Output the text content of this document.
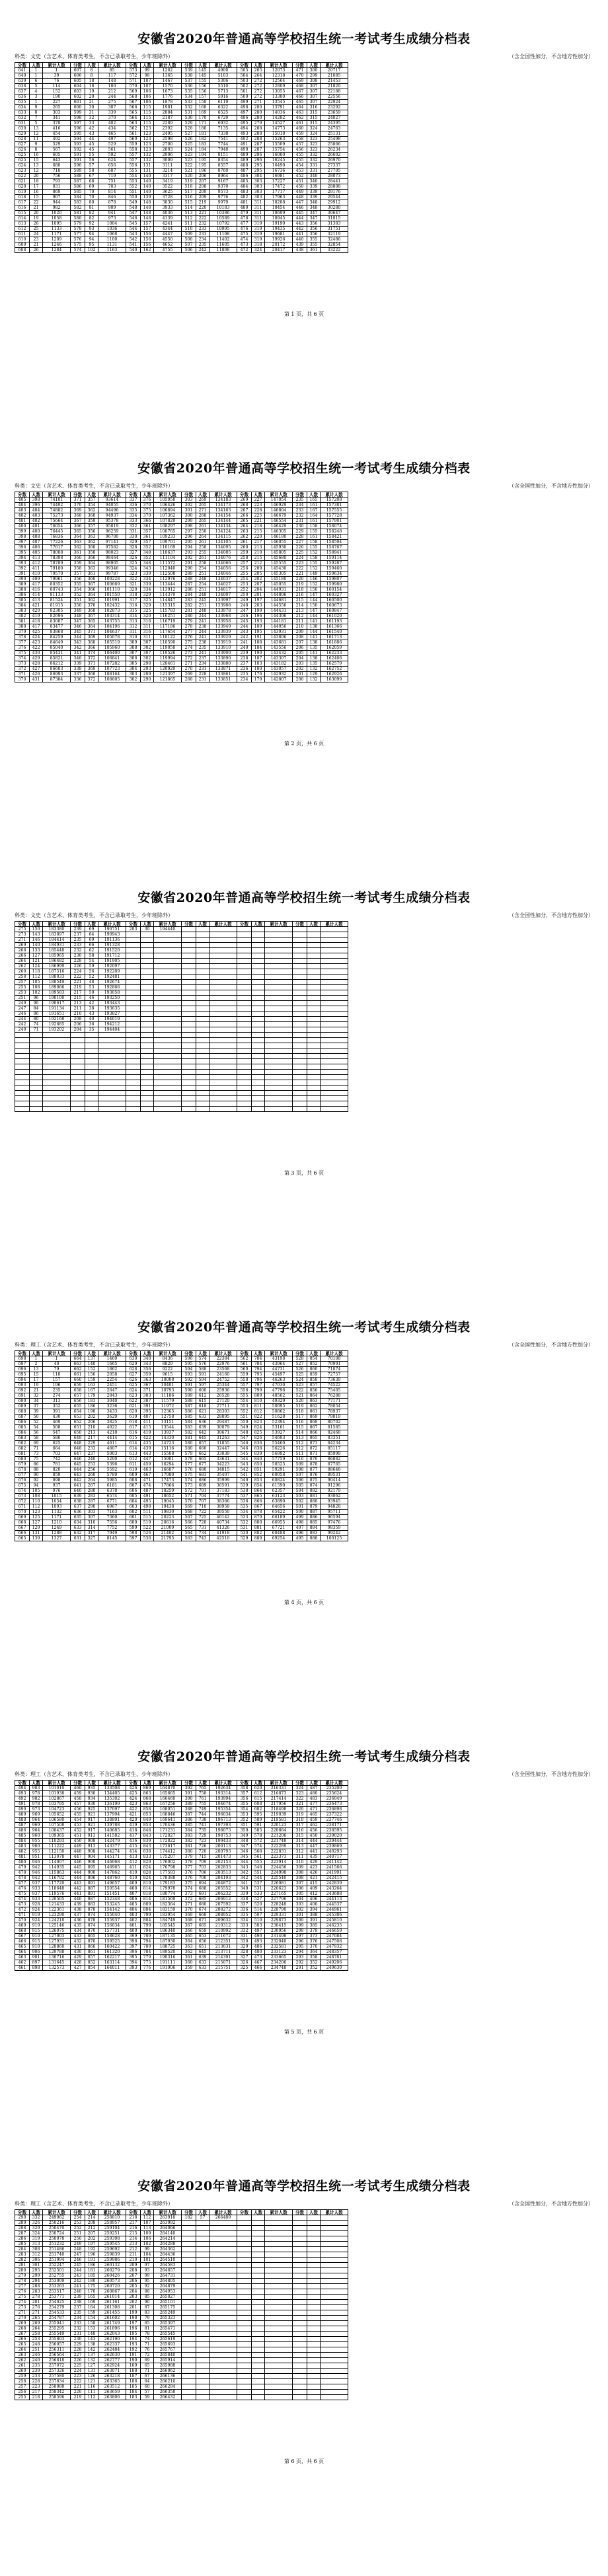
安徽省2020年普通高等学校招生统一考试考生成绩分档表
科类：文史（含艺术、体育类考生，不含已录取考生，少年班除外）	（含全国性加分，不含地方性加分）
分数	人数	累计人数	分数	人数	累计人数	分数	人数	累计人数	分数	人数	累计人数	分数	人数	累计人数	分数	人数	累计人数
641	1	1	607	8	85	573	99	1262	539	145	4900	505	265	12073	471	300	20717
640	1	39	606	8	117	572	98	1365	538	145	5103	504	264	12318	470	299	21085
639	6	76	605	18	148	571	107	1467	537	155	5306	503	272	12564	469	308	21453
638	5	114	604	18	180	570	107	1570	536	156	5510	502	272	12809	468	307	21820
637	4	152	603	19	212	569	106	1673	535	156	5713	501	272	13055	467	307	22188
636	3	190	602	20	244	568	106	1776	534	157	5916	500	272	13300	466	307	22556
635	1	227	601	21	275	567	106	1878	533	158	6119	499	271	13545	465	307	22924
634	9	265	600	30	307	566	115	1981	532	168	6322	498	280	13791	464	316	23292
633	8	303	599	31	339	565	115	2084	531	169	6525	497	280	14036	463	315	23659
632	7	341	598	32	370	564	115	2187	530	170	6729	496	280	14282	462	315	24027
631	5	378	597	33	402	563	115	2289	529	171	6932	495	279	14527	461	315	24395
630	13	416	596	42	434	562	123	2392	528	180	7135	494	288	14773	460	324	24763
629	12	454	595	43	465	561	123	2495	527	181	7338	493	288	15018	459	324	25131
628	11	492	594	44	497	560	123	2598	526	182	7541	492	288	15263	458	323	25498
627	9	529	593	45	529	559	123	2700	525	183	7744	491	287	15509	457	323	25866
626	8	567	592	45	561	558	123	2803	524	184	7948	490	287	15754	456	323	26234
625	16	605	591	55	592	557	132	2906	523	194	8151	489	296	16000	455	332	26602
625	15	643	591	56	624	557	132	3009	523	195	8354	489	296	16245	455	332	26970
624	13	680	590	57	656	556	131	3111	522	195	8557	488	295	16490	454	331	27337
623	12	718	589	58	687	555	131	3214	521	196	8760	487	295	16736	453	331	27705
622	20	756	588	67	719	554	140	3317	520	206	8964	486	304	16981	452	340	28073
621	18	793	587	68	751	553	140	3419	519	207	9167	485	303	17227	451	340	28441
620	17	831	586	69	783	552	140	3522	518	208	9370	484	303	17472	450	339	28808
619	16	869	585	70	814	551	140	3625	517	209	9573	483	303	17717	449	339	29176
618	15	907	584	70	846	550	139	3728	516	209	9776	482	303	17963	448	339	29544
617	22	944	583	80	878	549	148	3830	515	219	9979	481	311	18208	447	348	29912
616	21	982	582	81	909	548	148	3933	514	220	10183	480	311	18454	446	348	30280
615	20	1020	581	82	941	547	148	4036	513	221	10386	479	311	18699	445	347	30647
614	19	1058	580	82	973	546	148	4139	512	222	10589	478	311	18945	444	347	31015
613	26	1095	579	92	1004	545	157	4241	511	232	10792	477	319	19190	443	356	31383
612	25	1133	578	93	1036	544	157	4344	510	233	10995	476	319	19435	442	356	31751
611	24	1171	577	94	1068	543	156	4447	509	233	11198	475	319	19681	441	356	32119
610	23	1209	576	94	1100	542	156	4550	508	234	11402	474	319	19926	440	355	32486
609	21	1246	575	95	1131	541	156	4652	507	235	11605	473	318	20172	439	355	32854
608	26	1284	574	102	1163	540	162	4755	506	242	11808	472	324	20417	438	361	33222
第 1 页，共 6 页
安徽省2020年普通高等学校招生统一考试考生成绩分档表
科类：文史（含艺术、体育类考生，不含已录取考生，少年班除外）	（含全国性加分，不含地方性加分）
分数	人数	累计人数	分数	人数	累计人数	分数	人数	累计人数	分数	人数	累计人数	分数	人数	累计人数	分数	人数	累计人数
405	398	74101	371	357	93614	337	376	105958	303	269	134183	269	227	147054	235	165	157208
404	396	74492	370	354	94055	336	370	106426	302	265	134173	268	223	146929	234	161	157381
403	404	74882	369	362	94496	335	375	106894	301	271	134163	267	228	146804	233	167	157555
402	403	75273	368	360	94937	334	370	107362	300	268	134154	266	225	146679	232	164	157728
401	402	75664	367	359	95378	333	366	107829	299	265	134144	265	221	146554	231	161	157901
400	401	76054	366	357	95819	332	361	108297	298	261	134134	264	218	146429	230	158	158074
399	400	76445	365	356	96259	331	357	108765	297	258	134124	263	215	146305	229	155	158248
398	408	76836	364	363	96700	330	361	109233	296	264	134115	262	220	146180	228	161	158421
397	407	77226	363	362	97141	329	357	109701	295	261	134105	261	217	146055	227	158	158594
396	406	77617	362	360	97582	328	352	110169	294	258	134095	260	213	145930	226	155	158767
395	405	78008	361	358	98023	327	348	110637	293	255	134085	259	210	145805	225	152	158941
394	413	78398	360	366	98464	326	352	111104	292	261	134076	258	215	145680	224	158	159114
393	412	78789	359	364	98905	325	348	111572	291	258	134066	257	212	145555	223	155	159287
392	411	79180	358	363	99346	324	343	112040	290	254	134056	256	209	145430	222	152	159460
391	410	79570	357	361	99787	323	339	112508	289	251	134046	255	205	145305	221	149	159634
390	409	79961	356	360	100228	322	334	112976	288	248	134037	254	202	145180	220	146	159807
389	417	80352	355	367	100669	321	339	113444	287	254	134027	253	207	145055	219	152	159980
388	416	80743	354	366	101110	320	334	113912	286	251	134017	252	204	144931	218	150	160154
386	414	81133	352	364	101550	318	329	114379	284	248	134007	250	201	144806	216	147	160327
385	413	81524	351	362	101991	317	325	114847	283	245	133997	249	197	144681	215	144	160500
384	421	81915	350	370	102432	316	329	115315	282	251	133988	248	203	144556	214	150	160673
383	420	82305	349	368	102873	315	325	115783	281	248	133978	247	199	144431	213	147	160847
382	419	82696	348	367	103314	314	320	116251	280	244	133968	246	196	144306	212	144	161020
381	418	83087	347	365	103755	313	316	116719	279	241	133958	245	193	144181	211	141	161193
380	417	83477	346	364	104196	312	311	117186	278	238	133949	244	189	144056	210	138	161366
379	425	83868	345	371	104637	311	316	117654	277	244	133939	243	195	143931	209	144	161540
378	424	84259	344	369	105078	310	311	118122	276	241	133929	242	191	143806	208	141	161713
377	423	84649	343	368	105519	309	307	118590	275	238	133919	241	188	143681	207	138	161886
376	422	85040	342	366	105960	308	302	119058	274	235	133910	240	184	143556	206	135	162059
375	430	85431	341	374	106400	307	307	119526	273	241	133900	239	190	143432	205	141	162233
374	429	85821	340	372	106841	306	302	119994	272	237	133890	238	187	143307	204	138	162406
373	428	86212	339	371	107282	305	298	120461	271	234	133880	237	183	143182	203	135	162579
372	427	86603	338	369	107723	304	293	120929	270	231	133871	236	180	143057	202	132	162752
371	426	86993	337	368	108164	303	289	121397	269	228	133861	235	176	142932	201	129	162926
370	431	87384	336	372	108605	302	290	121865	268	231	133851	234	179	142807	200	132	163099
第 2 页，共 6 页
安徽省2020年普通高等学校招生统一考试考生成绩分档表
科类：文史（含艺术、体育类考生，不含已录取考生，少年班除外）	（含全国性加分，不含地方性加分）
分数	人数	累计人数	分数	人数	累计人数	分数	人数	累计人数	分数	人数	累计人数	分数	人数	累计人数	分数	人数	累计人数
275	150	183380	239	69	190751	203	30	194440									
273	143	183897	237	64	190943												
271	146	184414	235	69	191136												
269	140	184931	233	66	191328												
268	133	185448	232	62	191520												
266	127	185965	230	58	191712												
264	121	186482	228	54	191905												
262	124	186999	226	59	192097												
260	118	187516	224	56	192289												
258	112	188033	222	52	192481												
257	105	188549	221	48	192674												
255	108	189066	219	53	192866												
253	102	189583	217	50	193058												
251	96	190100	215	46	193250												
249	90	190617	213	42	193443												
247	84	191134	211	38	193635												
246	86	191651	210	43	193827												
244	80	192168	208	40	194019												
242	74	192685	206	36	194212												
240	71	193202	204	35	194404												

第 3 页，共 6 页
安徽省2020年普通高等学校招生统一考试考生成绩分档表
科类：理工（含艺术、体育类考生，不含已录取考生，少年班除外）	（含全国性加分，不含地方性加分）
分数	人数	累计人数	分数	人数	累计人数	分数	人数	累计人数	分数	人数	累计人数	分数	人数	累计人数	分数	人数	累计人数
698	1	1	664	137	1469	630	340	8436	596	574	22384	562	784	43198	528	854	70108
697	2	40	663	140	1665	629	343	8829	595	576	22976	561	784	43964	527	852	70991
696	13	79	662	152	1862	628	356	9222	594	588	23568	560	794	44731	526	860	71874
695	15	118	661	156	2058	627	359	9615	593	591	24160	559	795	45497	525	859	72757
694	17	157	660	159	2254	626	363	10008	592	594	24752	558	796	46263	524	858	73639
693	19	196	659	163	2451	625	367	10401	591	597	25344	557	797	47030	523	857	74522
692	21	235	658	167	2647	624	371	10793	590	600	25936	556	799	47796	522	856	75405
691	32	274	657	179	2843	623	383	11186	589	612	26528	555	809	48562	521	864	76288
690	34	313	656	183	3040	622	387	11579	588	615	27120	554	810	49329	520	863	77171
689	37	352	655	186	3236	621	391	11972	587	618	27711	553	811	50095	519	862	78054
688	39	391	654	190	3433	620	395	12365	586	621	28303	552	812	50862	518	861	78937
687	50	430	653	202	3629	619	407	12758	585	633	28895	551	822	51628	517	869	79819
686	52	469	652	206	3825	618	411	13151	584	636	29487	550	823	52394	516	868	80702
685	54	508	651	210	4022	617	415	13544	583	639	30079	549	824	53161	515	867	81585
684	56	547	650	213	4218	616	419	13937	582	642	30671	548	825	53927	514	866	82468
683	58	586	649	217	4414	615	422	14330	581	645	31263	547	826	54693	513	865	83351
682	69	625	648	229	4611	614	435	14723	580	657	31855	546	836	55460	512	873	84234
682	71	664	648	233	4807	614	439	15116	580	660	32447	546	838	56226	512	872	85117
681	73	703	647	237	5003	613	443	15508	579	662	33039	545	839	56992	511	871	85999
680	75	742	646	240	5200	612	447	15901	578	665	33631	544	840	57759	510	870	86882
679	86	781	645	253	5396	611	459	16294	577	677	34223	543	850	58525	509	878	87765
678	88	820	644	256	5592	610	463	16687	576	680	34815	542	851	59291	508	877	88648
677	90	859	643	260	5789	609	467	17080	575	683	35407	541	852	60058	507	876	89531
676	92	898	642	264	5985	608	471	17473	574	686	35999	540	853	60824	506	875	90414
675	94	937	641	267	6181	607	474	17866	573	689	36591	539	854	61590	505	874	91296
674	105	976	640	280	6378	606	487	18259	572	701	37183	538	864	62357	504	882	92179
673	108	1015	639	283	6574	605	491	18652	571	704	37774	537	865	63123	503	881	93062
672	110	1054	638	287	6771	604	495	19045	570	707	38366	536	866	63890	502	880	93945
671	112	1093	637	290	6967	603	498	19438	569	710	38958	535	867	64656	501	879	94828
670	123	1132	636	303	7163	602	511	19830	568	722	39550	534	878	65422	500	887	95711
669	125	1171	635	307	7360	601	515	20223	567	725	40142	533	879	66189	499	886	96594
668	127	1210	634	310	7556	600	519	20616	566	728	40734	532	880	66955	498	885	97476
667	129	1249	633	314	7752	599	522	21009	565	731	41326	531	881	67721	497	884	98359
666	131	1288	632	317	7949	598	526	21402	564	734	41918	530	882	68488	496	883	99242
665	139	1327	631	327	8145	597	536	21795	563	743	42510	529	889	69254	495	888	100125
第 4 页，共 6 页
安徽省2020年普通高等学校招生统一考试考生成绩分档表
科类：理工（含艺术、体育类考生，不含已录取考生，少年班除外）	（含全国性加分，不含地方性加分）
分数	人数	累计人数	分数	人数	累计人数	分数	人数	累计人数	分数	人数	累计人数	分数	人数	累计人数	分数	人数	累计人数
494	983	101010	460	935	133508	426	869	164870	392	765	192634	358	620	216331	324	487	235200
493	978	101938	459	930	134405	425	863	165665	391	758	193314	357	612	216873	323	480	235624
492	982	102867	458	934	135302	424	868	166460	390	761	193994	356	615	217414	322	483	236049
491	978	103795	457	930	136199	423	863	167256	389	755	194674	355	608	217956	321	477	236473
490	973	104723	456	925	137097	422	858	168051	388	749	195354	354	602	218498	320	471	236898
489	969	105652	455	921	137994	421	853	168846	387	744	196034	353	595	219039	319	465	237322
488	964	106580	454	917	138891	420	849	169641	386	738	196713	352	589	219581	318	459	237746
487	969	107508	453	921	139788	419	853	170436	385	741	197393	351	591	220123	317	462	238171
486	964	108437	452	917	140685	418	848	171231	384	735	198073	350	585	220664	316	456	238595
485	960	109365	451	913	141582	417	843	172027	383	729	198753	349	578	221206	315	450	239020
484	955	110293	450	908	142479	416	839	172822	382	723	199433	348	572	221748	314	444	239444
483	960	111222	449	913	143377	415	843	173617	381	726	200113	347	574	222289	313	447	239869
482	955	112150	448	908	144274	414	838	174412	380	720	200793	346	568	222831	312	441	240293
481	951	113078	447	904	145171	413	833	175207	379	715	201473	345	561	223373	311	435	240717
480	946	114007	446	900	146068	412	829	176002	378	709	202153	344	555	223914	310	429	241142
479	942	114935	445	895	146965	411	824	176798	377	703	202833	343	548	224456	309	423	241566
478	946	115863	444	900	147862	410	828	177593	376	706	203513	342	551	224998	308	426	241991
478	942	116792	444	896	148760	410	824	178388	376	700	204193	342	544	225540	308	421	242415
477	937	117720	443	891	149657	409	819	179183	375	694	204872	341	537	226081	307	415	242839
476	933	118648	442	887	150554	408	814	179978	374	688	205552	340	531	226623	306	409	243264
475	937	119576	441	891	151451	407	818	180774	373	691	206232	339	533	227165	305	412	243688
474	933	120505	440	887	152348	406	814	181569	372	685	206912	338	527	227706	304	406	244113
473	928	121433	439	883	153245	405	809	182364	371	680	207592	337	520	228248	303	400	244537
472	924	122361	438	878	154142	404	804	183159	370	674	208272	336	514	228790	302	394	244961
471	919	123290	437	874	155040	403	799	183954	369	668	208952	335	507	229331	301	388	245386
470	924	124218	436	878	155937	402	804	184749	368	671	209632	334	510	229873	300	391	245810
469	919	125146	435	874	156834	401	799	185545	367	665	210312	333	503	230415	299	385	246235
468	915	126075	434	870	157731	400	794	186340	366	659	210992	332	497	230956	298	379	246659
467	910	127003	433	865	158628	399	789	187135	365	653	211672	331	490	231498	297	373	247084
466	915	127931	432	870	159525	398	794	187930	364	656	212351	330	493	232040	296	376	247508
465	910	128860	431	866	160422	397	789	188725	363	651	213031	329	486	232581	295	370	247932
464	906	129788	430	861	161320	396	784	189520	362	645	213711	328	480	233123	294	364	248357
463	901	130716	429	857	162217	395	779	190316	361	639	214391	327	473	233665	293	358	248781
462	897	131645	428	852	163114	394	775	191111	360	633	215071	326	467	234206	292	352	249206
461	898	132573	427	854	164011	393	776	191906	359	633	215751	325	466	234748	291	352	249630
第 5 页，共 6 页
安徽省2020年普通高等学校招生统一考试考生成绩分档表
科类：理工（含艺术、体育类考生，不含已录取考生，少年班除外）	（含全国性加分，不含地方性加分）
分数	人数	累计人数	分数	人数	累计人数	分数	人数	累计人数	分数	人数	累计人数	分数	人数	累计人数	分数	人数	累计人数
290	332	249962	254	214	258810	218	112	263918	182	57	266489						
289	326	250216	253	208	258957	217	107	263992									
288	329	250470	252	212	259104	216	113	264066									
287	324	250724	251	207	259251	215	109	264140									
286	319	250978	250	202	259398	214	106	264214									
285	313	251232	249	197	259545	213	102	264288									
284	308	251486	248	192	259692	212	99	264362									
283	312	251740	247	196	259839	211	104	264436									
282	306	251994	246	191	259986	210	101	264510									
281	301	252247	245	186	260132	209	97	264583									
280	295	252501	244	181	260279	208	93	264657									
279	299	252755	243	185	260426	207	99	264731									
278	294	253009	242	180	260573	206	95	264805									
277	288	253263	241	175	260720	205	92	264879									
276	283	253517	240	170	260867	204	88	264953									
275	278	253771	239	165	261014	203	85	265027									
274	281	254025	238	169	261161	202	90	265101									
273	276	254279	237	164	261308	201	87	265175									
271	271	254533	235	159	261455	199	83	265249									
270	265	254787	234	154	261602	198	79	265323									
269	269	255041	233	158	261749	197	85	265397									
268	264	255295	232	153	261896	196	81	265471									
267	258	255549	231	148	262043	195	78	265545									
266	253	255803	230	143	262190	194	74	265619									
265	248	256057	229	138	262337	193	71	265693									
264	251	256311	228	142	262484	192	76	265767									
263	246	256564	227	137	262630	191	72	265840									
262	240	256818	226	132	262777	190	69	265914									
261	235	257072	225	127	262924	189	65	265988									
260	239	257326	224	131	263071	188	71	266062									
259	233	257580	223	126	263218	187	67	266136									
258	228	257834	222	121	263365	186	64	266210									
257	223	258088	221	116	263512	185	60	266284									
256	217	258342	220	111	263659	184	57	266358									
255	218	258596	219	112	263806	183	59	266432									
第 6 页，共 6 页
